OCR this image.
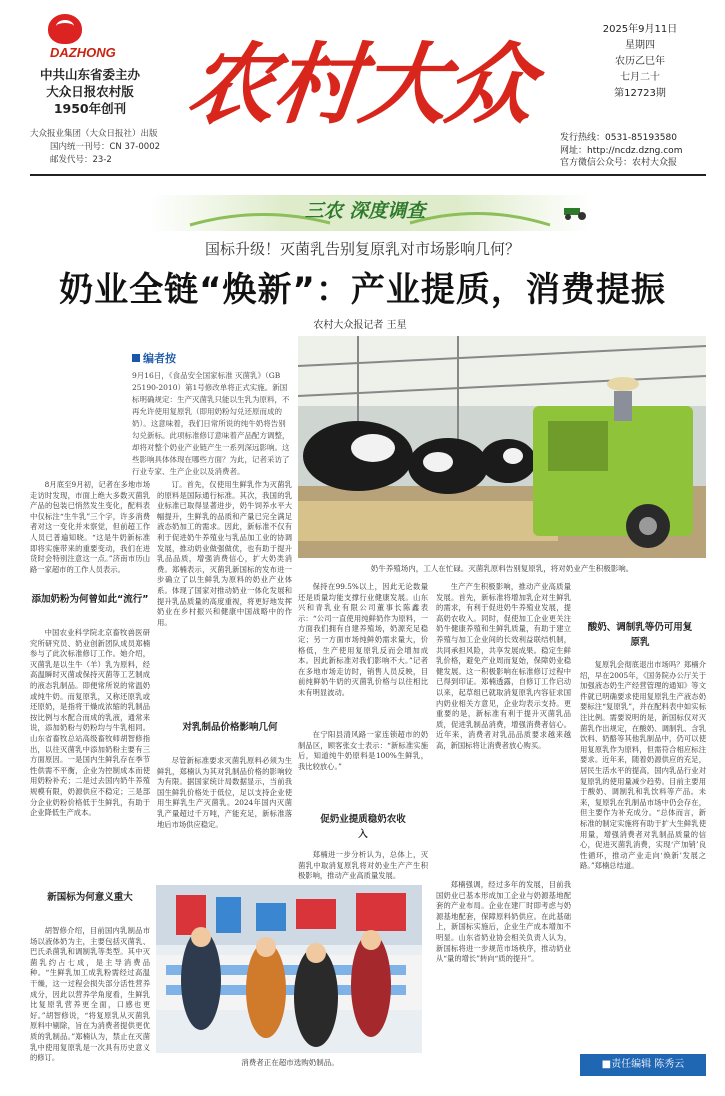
DAZHONG
中共山东省委主办
大众日报农村版
1950年创刊
大众报业集团（大众日报社）出版
国内统一刊号：CN 37-0002
邮发代号：23-2
农村大众
2025年9月11日
星期四
农历乙巳年
七月二十
第12723期
发行热线：0531-85193580
网址：http://ncdz.dzng.com
官方微信公众号：农村大众报
三农 深度调查
国标升级！灭菌乳告别复原乳对市场影响几何？
奶业全链“焕新”：产业提质，消费提振
农村大众报记者 王星
编者按
9月16日，《食品安全国家标准 灭菌乳》（GB 25190-2010）第1号修改单将正式实施。新国标明确规定：生产灭菌乳只能以生乳为原料，不再允许使用复原乳（即用奶粉勾兑还原而成的奶）。这意味着，我们日常所说的纯牛奶将告别勾兑新标。此项标准修订意味着产品配方调整，却将对整个奶业产业链产生一系列深远影响。这些影响具体体现在哪些方面？为此，记者采访了行业专家、生产企业以及消费者。
奶牛养殖场内，工人在忙碌。灭菌乳原料告别复原乳，将对奶业产生积极影响。

8月底至9月初，记者在多地市场走访时发现，市面上绝大多数灭菌乳产品的包装已悄然发生变化，配料表中仅标注“生牛乳”三个字，许多消费者对这一变化并未察觉，但前超工作人员已普遍知晓。“这是牛奶新标准即将实施带来的重要变动，我们在进货时会特别注意这一点。”济南市历山路一家超市的工作人员表示。

添加奶粉为何曾如此“流行”

中国农业科学院北京畜牧兽医研究所研究员、奶业创新团队成员郑楠参与了此次标准修订工作。她介绍，灭菌乳是以生牛（羊）乳为原料，经高温瞬时灭菌或保持灭菌等工艺制成的液态乳制品。即便常所说的常温奶或纯牛奶。而复原乳，又称还原乳或还原奶，是指将干燥成浓缩的乳制品按比例与水配合而成的乳液，通常来说，添加奶粉与奶粉均与牛乳相同。山东省畜牧总站高级畜牧师胡智修指出，以往灭菌乳中添加奶粉主要有三方面原因。一是国内生鲜乳存在季节性供需不平衡，企业为控制成本而使用奶粉补充；二是过去国内奶牛养殖规模有限，奶源供应不稳定；三是部分企业奶粉价格低于生鲜乳，有助于企业降低生产成本。

新国标为何意义重大

胡智修介绍，目前国内乳制品市场以液体奶为主，主要包括灭菌乳、巴氏杀菌乳和调制乳等类型。其中灭菌乳约占七成，是主导消费品种。“生鲜乳加工成乳粉需经过高温干燥，这一过程会损失部分活性营养成分，因此以营养学角度看，生鲜乳比复原乳营养更全面，口感也更好。”胡智修说，“将复原乳从灭菌乳原料中剔除，旨在为消费者提供更优质的乳制品。”郑楠认为，禁止在灭菌乳中使用复原乳是一次具有历史意义的修订。

订。首先，仅使用生鲜乳作为灭菌乳的原料是国际通行标准。其次，我国的乳业标准已取得显著进步，奶牛饲养水平大幅提升，生鲜乳的品质和产量已完全满足液态奶加工的需求。因此，新标准不仅有利于促进奶牛养殖业与乳品加工业的协调发展，推动奶业做强做优，也有助于提升乳品品质，增强消费信心，扩大奶类消费。郑楠表示，灭菌乳新国标的发布进一步确立了以生鲜乳为原料的奶业产业体系。体现了国家对推动奶业一体化发展和提升乳品质量的高度重视，将更好地发挥奶业在乡村振兴和健康中国战略中的作用。

对乳制品价格影响几何

尽管新标准要求灭菌乳原料必须为生鲜乳，郑楠认为其对乳制品价格的影响较为有限。据国家统计局数据显示，当前我国生鲜乳价格处于低位，足以支持企业使用生鲜乳生产灭菌乳。2024年国内灭菌乳产量超过千万吨，产能充足，新标准落地后市场供应稳定。

保持在99.5%以上，因此无论数量还是质量均能支撑行业健康发展。山东兴和青乳业有限公司董事长陈鑫表示：“公司一直使用纯鲜奶作为原料，一方面我们拥有自建养殖场，奶源充足稳定；另一方面市场纯鲜奶需求量大，价格低，生产使用复原乳反而会增加成本。因此新标准对我们影响不大。”记者在多地市场走访时，销售人员反映，目前纯鲜奶牛奶的灭菌乳价格与以往相比未有明显波动。

在宁阳县清风路一家连锁超市的奶制品区，顾客张女士表示：“新标准实施后，知道纯牛奶原料是100%生鲜乳，我比较放心。”

促奶业提质稳奶农收入

郑楠进一步分析认为，总体上，灭菌乳中取消复原乳将对奶业生产产生积极影响，推动产业高质量发展。

生产产生积极影响，推动产业高质量发展。首先，新标准将增加乳企对生鲜乳的需求，有利于促进奶牛养殖业发展，提高奶农收入。同时，促使加工企业更关注奶牛健康养殖和生鲜乳质量，有助于建立养殖与加工企业间的长效利益联结机制，共同承担风险，共享发展成果。稳定生鲜乳价格，避免产业周而复始，保障奶业稳健发展。这一积极影响在标准修订过程中已得到印证。郑楠透露，自修订工作启动以来，起草组已就取消复原乳内容征求国内奶业相关方意见，企业均表示支持。更重要的是，新标准有利于提升灭菌乳品质，促进乳制品消费，增强消费者信心。近年来，消费者对乳品品质要求越来越高，新国标将让消费者放心购买。

郑楠强调，经过多年的发展，目前我国奶业已基本形成加工企业与奶源基地配套的产业布局。企业在建厂时即考虑与奶源基地配套，保障原料奶供应。在此基础上，新国标实施后，企业生产成本增加不明显。山东省奶业协会相关负责人认为，新国标将进一步规范市场秩序，推动奶业从“量的增长”转向“质的提升”。

酸奶、调制乳等仍可用复原乳

复原乳会彻底退出市场吗？郑楠介绍，早在2005年，《国务院办公厅关于加强液态奶生产经营管理的通知》等文件就已明确要求使用复原乳生产液态奶要标注“复原乳”，并在配料表中如实标注比例。需要说明的是，新国标仅对灭菌乳作出规定，在酸奶、调制乳、含乳饮料、奶酪等其他乳制品中，仍可以使用复原乳作为原料，但需符合相应标注要求。近年来，随着奶源供应的充足，居民生活水平的提高，国内乳品行业对复原乳的使用量减少趋势。目前主要用于酸奶、调制乳和乳饮料等产品。未来，复原乳在乳制品市场中仍会存在，但主要作为补充成分。“总体而言，新标准的制定实施将有助于扩大生鲜乳使用量，增强消费者对乳制品质量的信心，促进灭菌乳消费，实现‘产加销’良性循环，推动产业走向‘焕新’发展之路。”郑楠总结道。

消费者正在超市选购奶制品。	■责任编辑 陈秀云
